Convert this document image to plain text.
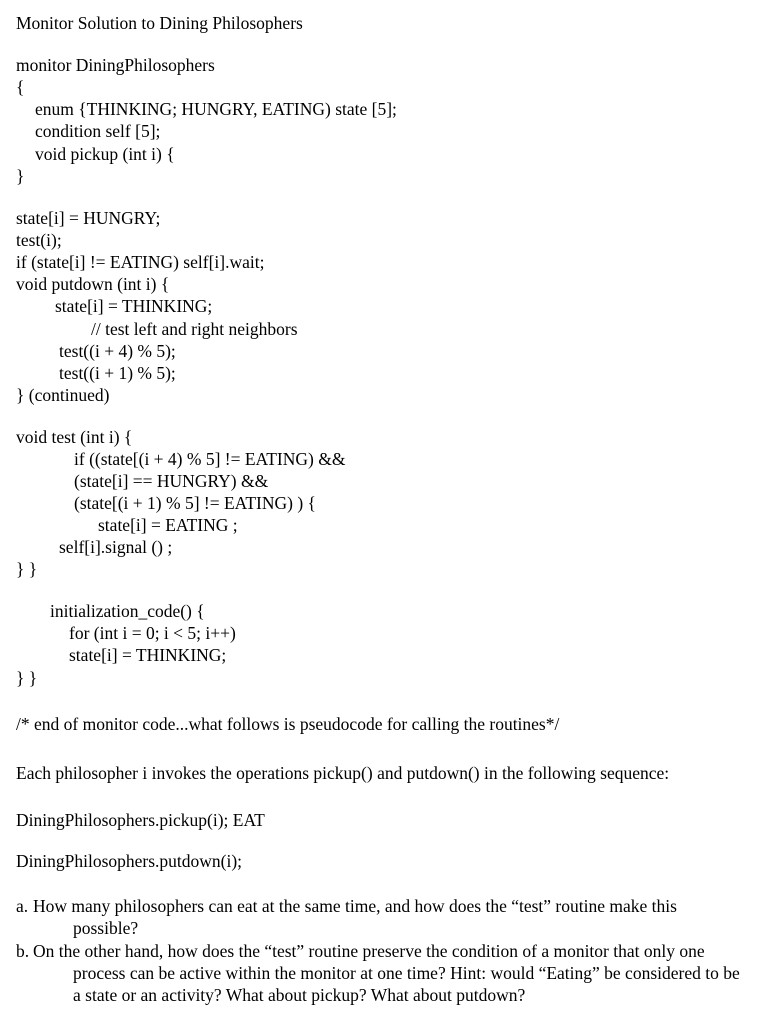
Monitor Solution to Dining Philosophers
monitor DiningPhilosophers
{
enum {THINKING; HUNGRY, EATING) state [5];
condition self [5];
void pickup (int i) {
}
state[i] = HUNGRY;
test(i);
if (state[i] != EATING) self[i].wait;
void putdown (int i) {
state[i] = THINKING;
// test left and right neighbors
test((i + 4) % 5);
test((i + 1) % 5);
} (continued)
void test (int i) {
if ((state[(i + 4) % 5] != EATING) &&
(state[i] == HUNGRY) &&
(state[(i + 1) % 5] != EATING) ) {
state[i] = EATING ;
self[i].signal () ;
} }
initialization_code() {
for (int i = 0; i < 5; i++)
state[i] = THINKING;
} }
/* end of monitor code...what follows is pseudocode for calling the routines*/
Each philosopher i invokes the operations pickup() and putdown() in the following sequence:
DiningPhilosophers.pickup(i); EAT
DiningPhilosophers.putdown(i);
a. How many philosophers can eat at the same time, and how does the “test” routine make this possible?
b. On the other hand, how does the “test” routine preserve the condition of a monitor that only one process can be active within the monitor at one time? Hint: would “Eating” be considered to be a state or an activity? What about pickup? What about putdown?
